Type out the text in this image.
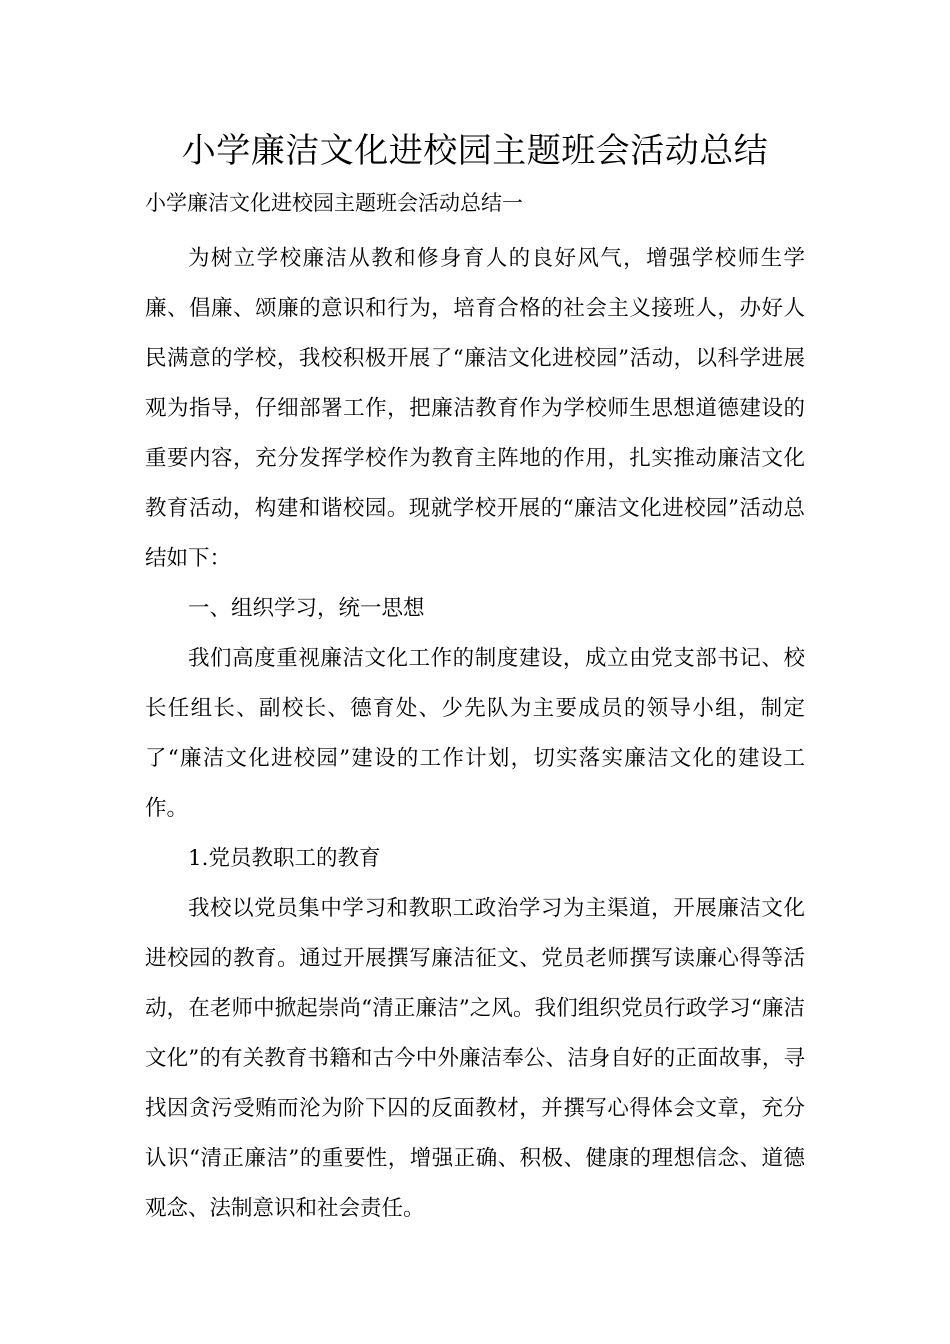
小学廉洁文化进校园主题班会活动总结
小学廉洁文化进校园主题班会活动总结一

为树立学校廉洁从教和修身育人的良好风气，增强学校师生学廉、倡廉、颂廉的意识和行为，培育合格的社会主义接班人，办好人民满意的学校，我校积极开展了“廉洁文化进校园”活动，以科学进展观为指导，仔细部署工作，把廉洁教育作为学校师生思想道德建设的重要内容，充分发挥学校作为教育主阵地的作用，扎实推动廉洁文化教育活动，构建和谐校园。现就学校开展的“廉洁文化进校园”活动总结如下：

一、组织学习，统一思想

我们高度重视廉洁文化工作的制度建设，成立由党支部书记、校长任组长、副校长、德育处、少先队为主要成员的领导小组，制定了“廉洁文化进校园”建设的工作计划，切实落实廉洁文化的建设工作。

1.党员教职工的教育

我校以党员集中学习和教职工政治学习为主渠道，开展廉洁文化进校园的教育。通过开展撰写廉洁征文、党员老师撰写读廉心得等活动，在老师中掀起崇尚“清正廉洁”之风。我们组织党员行政学习“廉洁文化”的有关教育书籍和古今中外廉洁奉公、洁身自好的正面故事，寻找因贪污受贿而沦为阶下囚的反面教材，并撰写心得体会文章，充分认识“清正廉洁”的重要性，增强正确、积极、健康的理想信念、道德观念、法制意识和社会责任。
